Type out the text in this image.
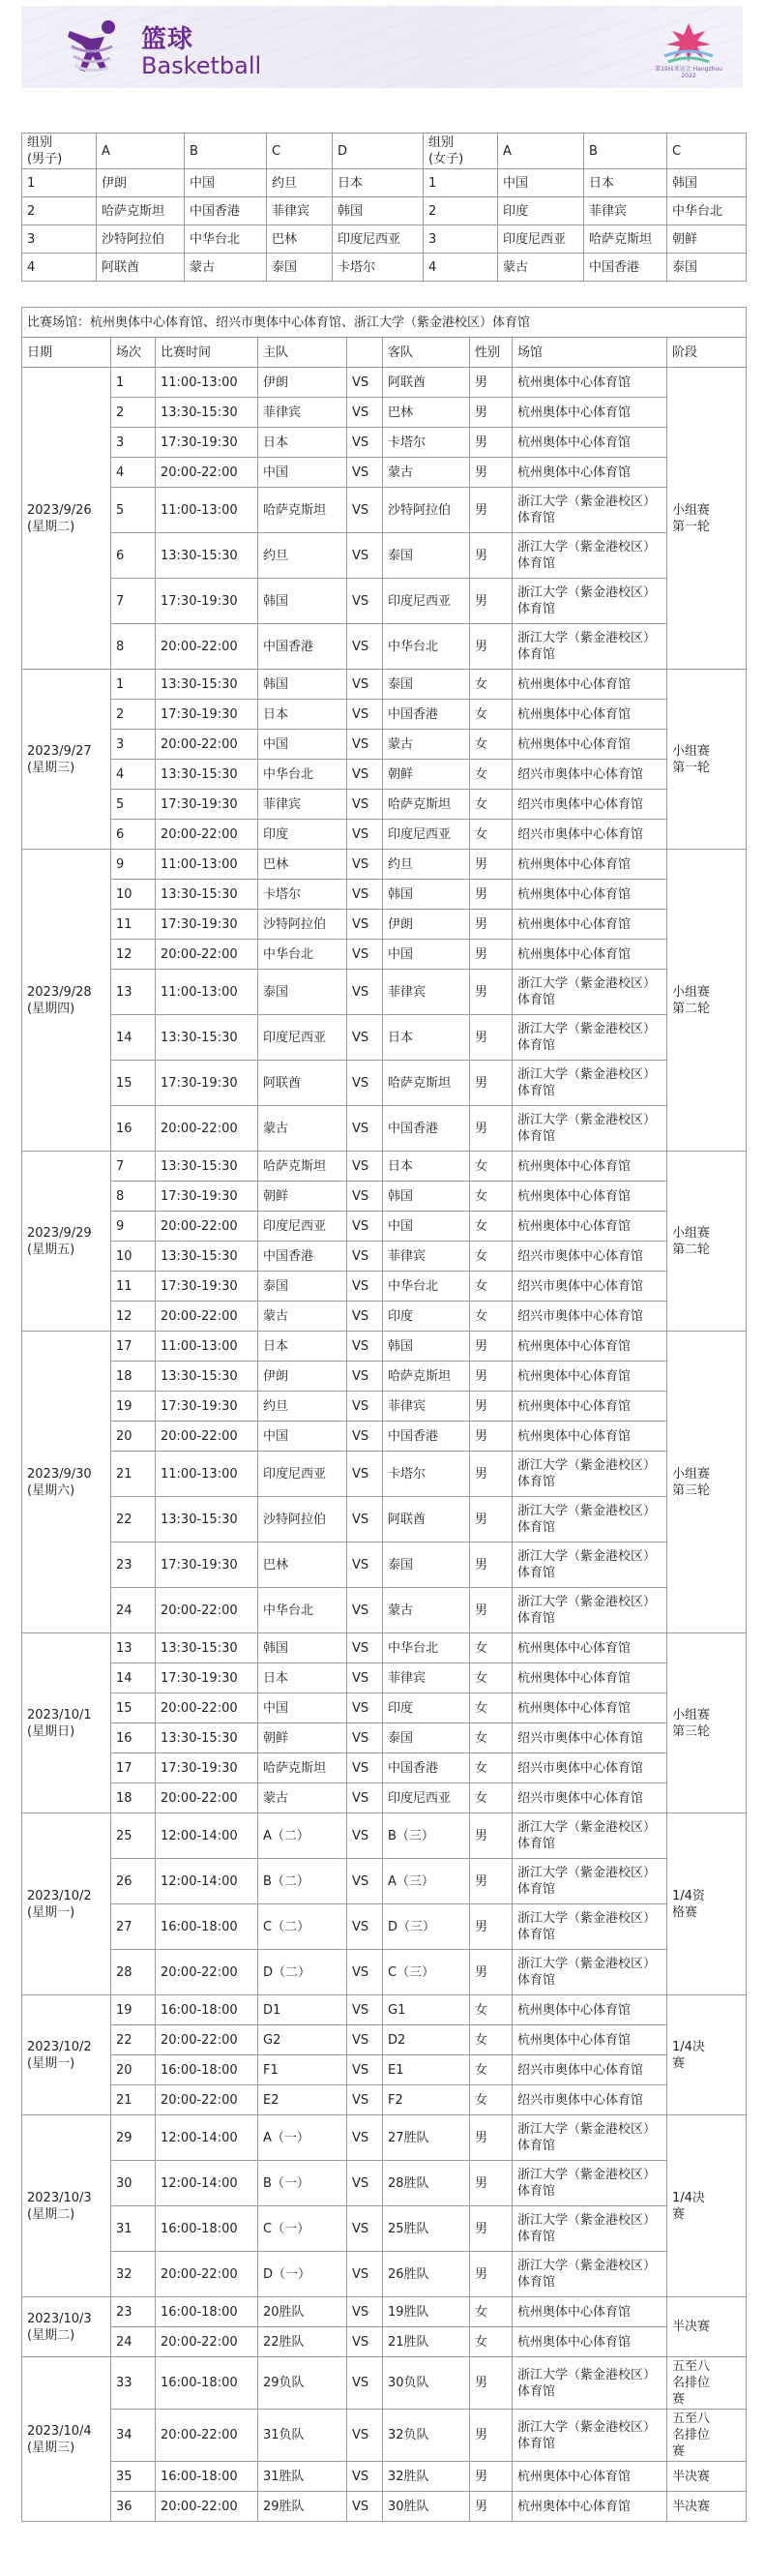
篮球
Basketball	第19届亚运会 Hangzhou 2022
组别
(男子)	A	B	C	D	组别
(女子)	A	B	C
1	伊朗	中国	约旦	日本	1	中国	日本	韩国
2	哈萨克斯坦	中国香港	菲律宾	韩国	2	印度	菲律宾	中华台北
3	沙特阿拉伯	中华台北	巴林	印度尼西亚	3	印度尼西亚	哈萨克斯坦	朝鲜
4	阿联酋	蒙古	泰国	卡塔尔	4	蒙古	中国香港	泰国
比赛场馆：杭州奥体中心体育馆、绍兴市奥体中心体育馆、浙江大学（紫金港校区）体育馆								
日期	场次	比赛时间	主队		客队	性别	场馆	阶段
2023/9/26
(星期二)	1	11:00-13:00	伊朗	VS	阿联酋	男	杭州奥体中心体育馆	小组赛
第一轮
	2	13:30-15:30	菲律宾	VS	巴林	男	杭州奥体中心体育馆	
	3	17:30-19:30	日本	VS	卡塔尔	男	杭州奥体中心体育馆	
	4	20:00-22:00	中国	VS	蒙古	男	杭州奥体中心体育馆	
	5	11:00-13:00	哈萨克斯坦	VS	沙特阿拉伯	男	浙江大学（紫金港校区）体育馆	
	6	13:30-15:30	约旦	VS	泰国	男	浙江大学（紫金港校区）体育馆	
	7	17:30-19:30	韩国	VS	印度尼西亚	男	浙江大学（紫金港校区）体育馆	
	8	20:00-22:00	中国香港	VS	中华台北	男	浙江大学（紫金港校区）体育馆	
2023/9/27
(星期三)	1	13:30-15:30	韩国	VS	泰国	女	杭州奥体中心体育馆	小组赛
第一轮
	2	17:30-19:30	日本	VS	中国香港	女	杭州奥体中心体育馆	
	3	20:00-22:00	中国	VS	蒙古	女	杭州奥体中心体育馆	
	4	13:30-15:30	中华台北	VS	朝鲜	女	绍兴市奥体中心体育馆	
	5	17:30-19:30	菲律宾	VS	哈萨克斯坦	女	绍兴市奥体中心体育馆	
	6	20:00-22:00	印度	VS	印度尼西亚	女	绍兴市奥体中心体育馆	
2023/9/28
(星期四)	9	11:00-13:00	巴林	VS	约旦	男	杭州奥体中心体育馆	小组赛
第二轮
	10	13:30-15:30	卡塔尔	VS	韩国	男	杭州奥体中心体育馆	
	11	17:30-19:30	沙特阿拉伯	VS	伊朗	男	杭州奥体中心体育馆	
	12	20:00-22:00	中华台北	VS	中国	男	杭州奥体中心体育馆	
	13	11:00-13:00	泰国	VS	菲律宾	男	浙江大学（紫金港校区）体育馆	
	14	13:30-15:30	印度尼西亚	VS	日本	男	浙江大学（紫金港校区）体育馆	
	15	17:30-19:30	阿联酋	VS	哈萨克斯坦	男	浙江大学（紫金港校区）体育馆	
	16	20:00-22:00	蒙古	VS	中国香港	男	浙江大学（紫金港校区）体育馆	
2023/9/29
(星期五)	7	13:30-15:30	哈萨克斯坦	VS	日本	女	杭州奥体中心体育馆	小组赛
第二轮
	8	17:30-19:30	朝鲜	VS	韩国	女	杭州奥体中心体育馆	
	9	20:00-22:00	印度尼西亚	VS	中国	女	杭州奥体中心体育馆	
	10	13:30-15:30	中国香港	VS	菲律宾	女	绍兴市奥体中心体育馆	
	11	17:30-19:30	泰国	VS	中华台北	女	绍兴市奥体中心体育馆	
	12	20:00-22:00	蒙古	VS	印度	女	绍兴市奥体中心体育馆	
2023/9/30
(星期六)	17	11:00-13:00	日本	VS	韩国	男	杭州奥体中心体育馆	小组赛
第三轮
	18	13:30-15:30	伊朗	VS	哈萨克斯坦	男	杭州奥体中心体育馆	
	19	17:30-19:30	约旦	VS	菲律宾	男	杭州奥体中心体育馆	
	20	20:00-22:00	中国	VS	中国香港	男	杭州奥体中心体育馆	
	21	11:00-13:00	印度尼西亚	VS	卡塔尔	男	浙江大学（紫金港校区）体育馆	
	22	13:30-15:30	沙特阿拉伯	VS	阿联酋	男	浙江大学（紫金港校区）体育馆	
	23	17:30-19:30	巴林	VS	泰国	男	浙江大学（紫金港校区）体育馆	
	24	20:00-22:00	中华台北	VS	蒙古	男	浙江大学（紫金港校区）体育馆	
2023/10/1
(星期日)	13	13:30-15:30	韩国	VS	中华台北	女	杭州奥体中心体育馆	小组赛
第三轮
	14	17:30-19:30	日本	VS	菲律宾	女	杭州奥体中心体育馆	
	15	20:00-22:00	中国	VS	印度	女	杭州奥体中心体育馆	
	16	13:30-15:30	朝鲜	VS	泰国	女	绍兴市奥体中心体育馆	
	17	17:30-19:30	哈萨克斯坦	VS	中国香港	女	绍兴市奥体中心体育馆	
	18	20:00-22:00	蒙古	VS	印度尼西亚	女	绍兴市奥体中心体育馆	
2023/10/2
(星期一)	25	12:00-14:00	A（二）	VS	B（三）	男	浙江大学（紫金港校区）体育馆	1/4资
格赛
	26	12:00-14:00	B（二）	VS	A（三）	男	浙江大学（紫金港校区）体育馆	
	27	16:00-18:00	C（二）	VS	D（三）	男	浙江大学（紫金港校区）体育馆	
	28	20:00-22:00	D（二）	VS	C（三）	男	浙江大学（紫金港校区）体育馆	
2023/10/2
(星期一)	19	16:00-18:00	D1	VS	G1	女	杭州奥体中心体育馆	1/4决
赛
	22	20:00-22:00	G2	VS	D2	女	杭州奥体中心体育馆	
	20	16:00-18:00	F1	VS	E1	女	绍兴市奥体中心体育馆	
	21	20:00-22:00	E2	VS	F2	女	绍兴市奥体中心体育馆	
2023/10/3
(星期二)	29	12:00-14:00	A（一）	VS	27胜队	男	浙江大学（紫金港校区）体育馆	1/4决
赛
	30	12:00-14:00	B（一）	VS	28胜队	男	浙江大学（紫金港校区）体育馆	
	31	16:00-18:00	C（一）	VS	25胜队	男	浙江大学（紫金港校区）体育馆	
	32	20:00-22:00	D（一）	VS	26胜队	男	浙江大学（紫金港校区）体育馆	
2023/10/3
(星期二)	23	16:00-18:00	20胜队	VS	19胜队	女	杭州奥体中心体育馆	半决赛
	24	20:00-22:00	22胜队	VS	21胜队	女	杭州奥体中心体育馆	
2023/10/4
(星期三)	33	16:00-18:00	29负队	VS	30负队	男	浙江大学（紫金港校区）体育馆	五至八
名排位
赛
	34	20:00-22:00	31负队	VS	32负队	男	浙江大学（紫金港校区）体育馆	五至八
名排位
赛
	35	16:00-18:00	31胜队	VS	32胜队	男	杭州奥体中心体育馆	半决赛
	36	20:00-22:00	29胜队	VS	30胜队	男	杭州奥体中心体育馆	半决赛
